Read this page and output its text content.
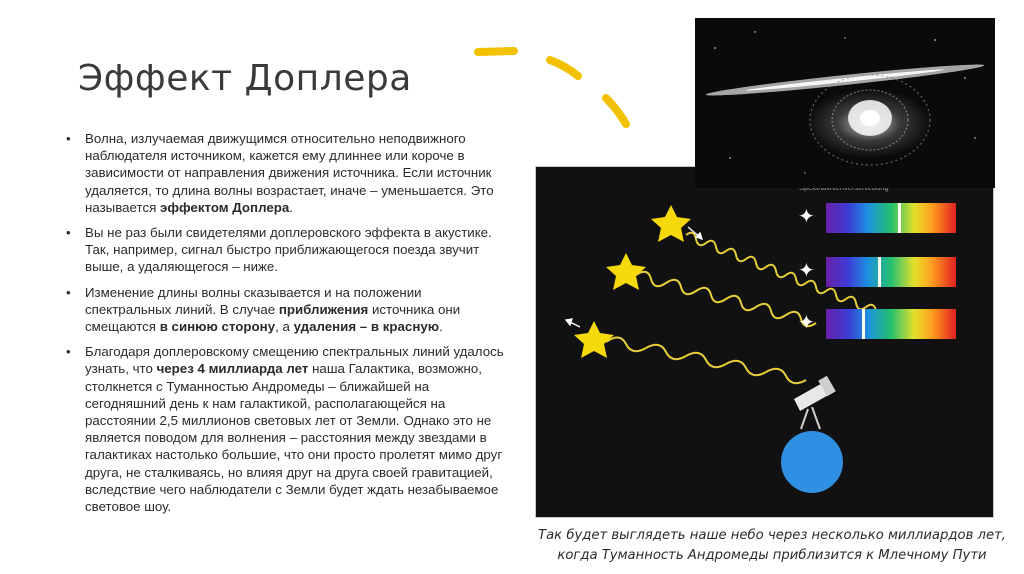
Эффект Доплера
• Волна, излучаемая движущимся относительно неподвижного наблюдателя источником, кажется ему длиннее или короче в зависимости от направления движения источника. Если источник удаляется, то длина волны возрастает, иначе – уменьшается. Это называется эффектом Доплера.
• Вы не раз были свидетелями доплеровского эффекта в акустике. Так, например, сигнал быстро приближающегося поезда звучит выше, а удаляющегося – ниже.
• Изменение длины волны сказывается и на положении спектральных линий. В случае приближения источника они смещаются в синюю сторону, а удаления – в красную.
• Благодаря доплеровскому смещению спектральных линий удалось узнать, что через 4 миллиарда лет наша Галактика, возможно, столкнется с Туманностью Андромеды – ближайшей на сегодняшний день к нам галактикой, располагающейся на расстоянии 2,5 миллионов световых лет от Земли. Однако это не является поводом для волнения – расстояния между звездами в галактиках настолько большие, что они просто пролетят мимо друг друга, не сталкиваясь, но влияя друг на друга своей гравитацией, вследствие чего наблюдатели с Земли будет ждать незабываемое световое шоу.
✦
✦
✦
Так будет выглядеть наше небо через несколько миллиардов лет,
когда Туманность Андромеды приблизится к Млечному Пути
